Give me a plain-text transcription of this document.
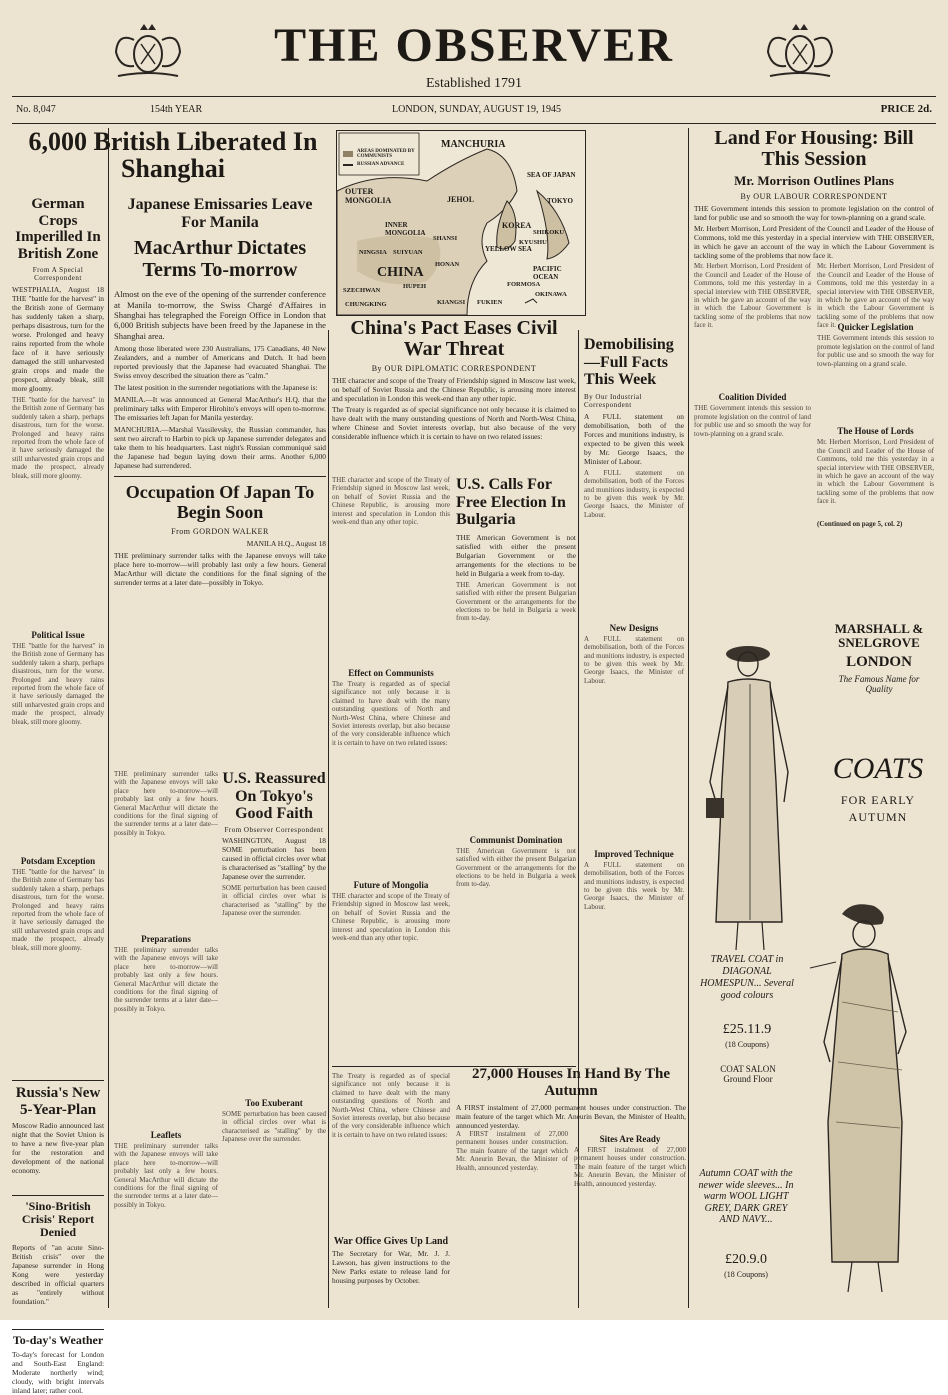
THE OBSERVER
Established 1791
No. 8,047	154th YEAR	LONDON, SUNDAY, AUGUST 19, 1945	PRICE 2d.
6,000 British Liberated In Shanghai
German Crops Imperilled In British Zone
From A Special Correspondent
WESTPHALIA, August 18 THE "battle for the harvest" in the British zone of Germany has suddenly taken a sharp, perhaps disastrous, turn for the worse. Prolonged and heavy rains reported from the whole face of it have seriously damaged the still unharvested grain crops and made the prospect, already bleak, still more gloomy.
THE "battle for the harvest" in the British zone of Germany has suddenly taken a sharp, perhaps disastrous, turn for the worse. Prolonged and heavy rains reported from the whole face of it have seriously damaged the still unharvested grain crops and made the prospect, already bleak, still more gloomy.
Political Issue
THE "battle for the harvest" in the British zone of Germany has suddenly taken a sharp, perhaps disastrous, turn for the worse. Prolonged and heavy rains reported from the whole face of it have seriously damaged the still unharvested grain crops and made the prospect, already bleak, still more gloomy.
Potsdam Exception
THE "battle for the harvest" in the British zone of Germany has suddenly taken a sharp, perhaps disastrous, turn for the worse. Prolonged and heavy rains reported from the whole face of it have seriously damaged the still unharvested grain crops and made the prospect, already bleak, still more gloomy.
Russia's New 5-Year-Plan
Moscow Radio announced last night that the Soviet Union is to have a new five-year plan for the restoration and development of the national economy.
'Sino-British Crisis' Report Denied
Reports of "an acute Sino-British crisis" over the Japanese surrender in Hong Kong were yesterday described in official quarters as "entirely without foundation."
To-day's Weather
To-day's forecast for London and South-East England: Moderate northerly wind; cloudy, with bright intervals inland later; rather cool.
Japanese Emissaries Leave For Manila
MacArthur Dictates Terms To-morrow
Almost on the eve of the opening of the surrender conference at Manila to-morrow, the Swiss Chargé d'Affaires in Shanghai has telegraphed the Foreign Office in London that 6,000 British subjects have been freed by the Japanese in the Shanghai area.
Among those liberated were 230 Australians, 175 Canadians, 40 New Zealanders, and a number of Americans and Dutch. It had been reported previously that the Japanese had evacuated Shanghai. The Swiss envoy described the situation there as "calm."
The latest position in the surrender negotiations with the Japanese is:
MANILA.—It was announced at General MacArthur's H.Q. that the preliminary talks with Emperor Hirohito's envoys will open to-morrow. The emissaries left Japan for Manila yesterday.
MANCHURIA.—Marshal Vassilevsky, the Russian commander, has sent two aircraft to Harbin to pick up Japanese surrender delegates and take them to his headquarters. Last night's Russian communiqué said the Japanese had begun laying down their arms. Another 6,000 Japanese had surrendered.
Occupation Of Japan To Begin Soon
From GORDON WALKER
MANILA H.Q., August 18
THE preliminary surrender talks with the Japanese envoys will take place here to-morrow—will probably last only a few hours. General MacArthur will dictate the conditions for the final signing of the surrender terms at a later date—possibly in Tokyo.
THE preliminary surrender talks with the Japanese envoys will take place here to-morrow—will probably last only a few hours. General MacArthur will dictate the conditions for the final signing of the surrender terms at a later date—possibly in Tokyo.
Preparations
THE preliminary surrender talks with the Japanese envoys will take place here to-morrow—will probably last only a few hours. General MacArthur will dictate the conditions for the final signing of the surrender terms at a later date—possibly in Tokyo.
Leaflets
THE preliminary surrender talks with the Japanese envoys will take place here to-morrow—will probably last only a few hours. General MacArthur will dictate the conditions for the final signing of the surrender terms at a later date—possibly in Tokyo.
U.S. Reassured On Tokyo's Good Faith
From Observer Correspondent
WASHINGTON, August 18 SOME perturbation has been caused in official circles over what is characterised as "stalling" by the Japanese over the surrender.
SOME perturbation has been caused in official circles over what is characterised as "stalling" by the Japanese over the surrender.
Too Exuberant
SOME perturbation has been caused in official circles over what is characterised as "stalling" by the Japanese over the surrender.
MANCHURIA
OUTER MONGOLIA
INNER MONGOLIA
JEHOL
KOREA
SEA OF JAPAN
TOKYO
YELLOW SEA
CHINA
HONAN
SHANSI
PACIFIC OCEAN
SZECHWAN
HUPEH
KIANGSI FUKIEN
CHUNGKING
FORMOSA
OKINAWA
KYUSHU
SHIKOKU
SUIYUAN
NINGSIA
AREAS DOMINATED BY COMMUNISTS
RUSSIAN ADVANCE
China's Pact Eases Civil War Threat
By OUR DIPLOMATIC CORRESPONDENT
THE character and scope of the Treaty of Friendship signed in Moscow last week, on behalf of Soviet Russia and the Chinese Republic, is arousing more interest and speculation in London this week-end than any other topic.
The Treaty is regarded as of special significance not only because it is claimed to have dealt with the many outstanding questions of North and North-West China, where Chinese and Soviet interests overlap, but also because of the very considerable influence which it is certain to have on two related issues:
THE character and scope of the Treaty of Friendship signed in Moscow last week, on behalf of Soviet Russia and the Chinese Republic, is arousing more interest and speculation in London this week-end than any other topic.
Effect on Communists
The Treaty is regarded as of special significance not only because it is claimed to have dealt with the many outstanding questions of North and North-West China, where Chinese and Soviet interests overlap, but also because of the very considerable influence which it is certain to have on two related issues:
Future of Mongolia
THE character and scope of the Treaty of Friendship signed in Moscow last week, on behalf of Soviet Russia and the Chinese Republic, is arousing more interest and speculation in London this week-end than any other topic.
U.S. Calls For Free Election In Bulgaria
THE American Government is not satisfied with either the present Bulgarian Government or the arrangements for the elections to be held in Bulgaria a week from to-day.
THE American Government is not satisfied with either the present Bulgarian Government or the arrangements for the elections to be held in Bulgaria a week from to-day.
Communist Domination
THE American Government is not satisfied with either the present Bulgarian Government or the arrangements for the elections to be held in Bulgaria a week from to-day.
The Treaty is regarded as of special significance not only because it is claimed to have dealt with the many outstanding questions of North and North-West China, where Chinese and Soviet interests overlap, but also because of the very considerable influence which it is certain to have on two related issues:
War Office Gives Up Land
The Secretary for War, Mr. J. J. Lawson, has given instructions to the New Parks estate to release land for housing purposes by October.
Demobilising —Full Facts This Week
By Our Industrial Correspondent
A FULL statement on demobilisation, both of the Forces and munitions industry, is expected to be given this week by Mr. George Isaacs, the Minister of Labour.
A FULL statement on demobilisation, both of the Forces and munitions industry, is expected to be given this week by Mr. George Isaacs, the Minister of Labour.
New Designs
A FULL statement on demobilisation, both of the Forces and munitions industry, is expected to be given this week by Mr. George Isaacs, the Minister of Labour.
Improved Technique
A FULL statement on demobilisation, both of the Forces and munitions industry, is expected to be given this week by Mr. George Isaacs, the Minister of Labour.
27,000 Houses In Hand By The Autumn
A FIRST instalment of 27,000 permanent houses under construction. The main feature of the target which Mr. Aneurin Bevan, the Minister of Health, announced yesterday.
A FIRST instalment of 27,000 permanent houses under construction. The main feature of the target which Mr. Aneurin Bevan, the Minister of Health, announced yesterday.
Sites Are Ready
A FIRST instalment of 27,000 permanent houses under construction. The main feature of the target which Mr. Aneurin Bevan, the Minister of Health, announced yesterday.
Land For Housing: Bill This Session
Mr. Morrison Outlines Plans
By OUR LABOUR CORRESPONDENT
THE Government intends this session to promote legislation on the control of land for public use and so smooth the way for town-planning on a grand scale.
Mr. Herbert Morrison, Lord President of the Council and Leader of the House of Commons, told me this yesterday in a special interview with THE OBSERVER, in which he gave an account of the way in which the Labour Government is tackling some of the problems that now face it.
Mr. Herbert Morrison, Lord President of the Council and Leader of the House of Commons, told me this yesterday in a special interview with THE OBSERVER, in which he gave an account of the way in which the Labour Government is tackling some of the problems that now face it.
Coalition Divided
THE Government intends this session to promote legislation on the control of land for public use and so smooth the way for town-planning on a grand scale.
Mr. Herbert Morrison, Lord President of the Council and Leader of the House of Commons, told me this yesterday in a special interview with THE OBSERVER, in which he gave an account of the way in which the Labour Government is tackling some of the problems that now face it. Quicker Legislation
THE Government intends this session to promote legislation on the control of land for public use and so smooth the way for town-planning on a grand scale.
The House of Lords
Mr. Herbert Morrison, Lord President of the Council and Leader of the House of Commons, told me this yesterday in a special interview with THE OBSERVER, in which he gave an account of the way in which the Labour Government is tackling some of the problems that now face it.
(Continued on page 5, col. 2)
MARSHALL & SNELGROVE
LONDON
The Famous Name for Quality
COATS
FOR EARLY AUTUMN
TRAVEL COAT in DIAGONAL HOMESPUN... Several good colours
£25.11.9
(18 Coupons)
COAT SALON Ground Floor
Autumn COAT with the newer wide sleeves... In warm WOOL LIGHT GREY, DARK GREY AND NAVY...
£20.9.0
(18 Coupons)
